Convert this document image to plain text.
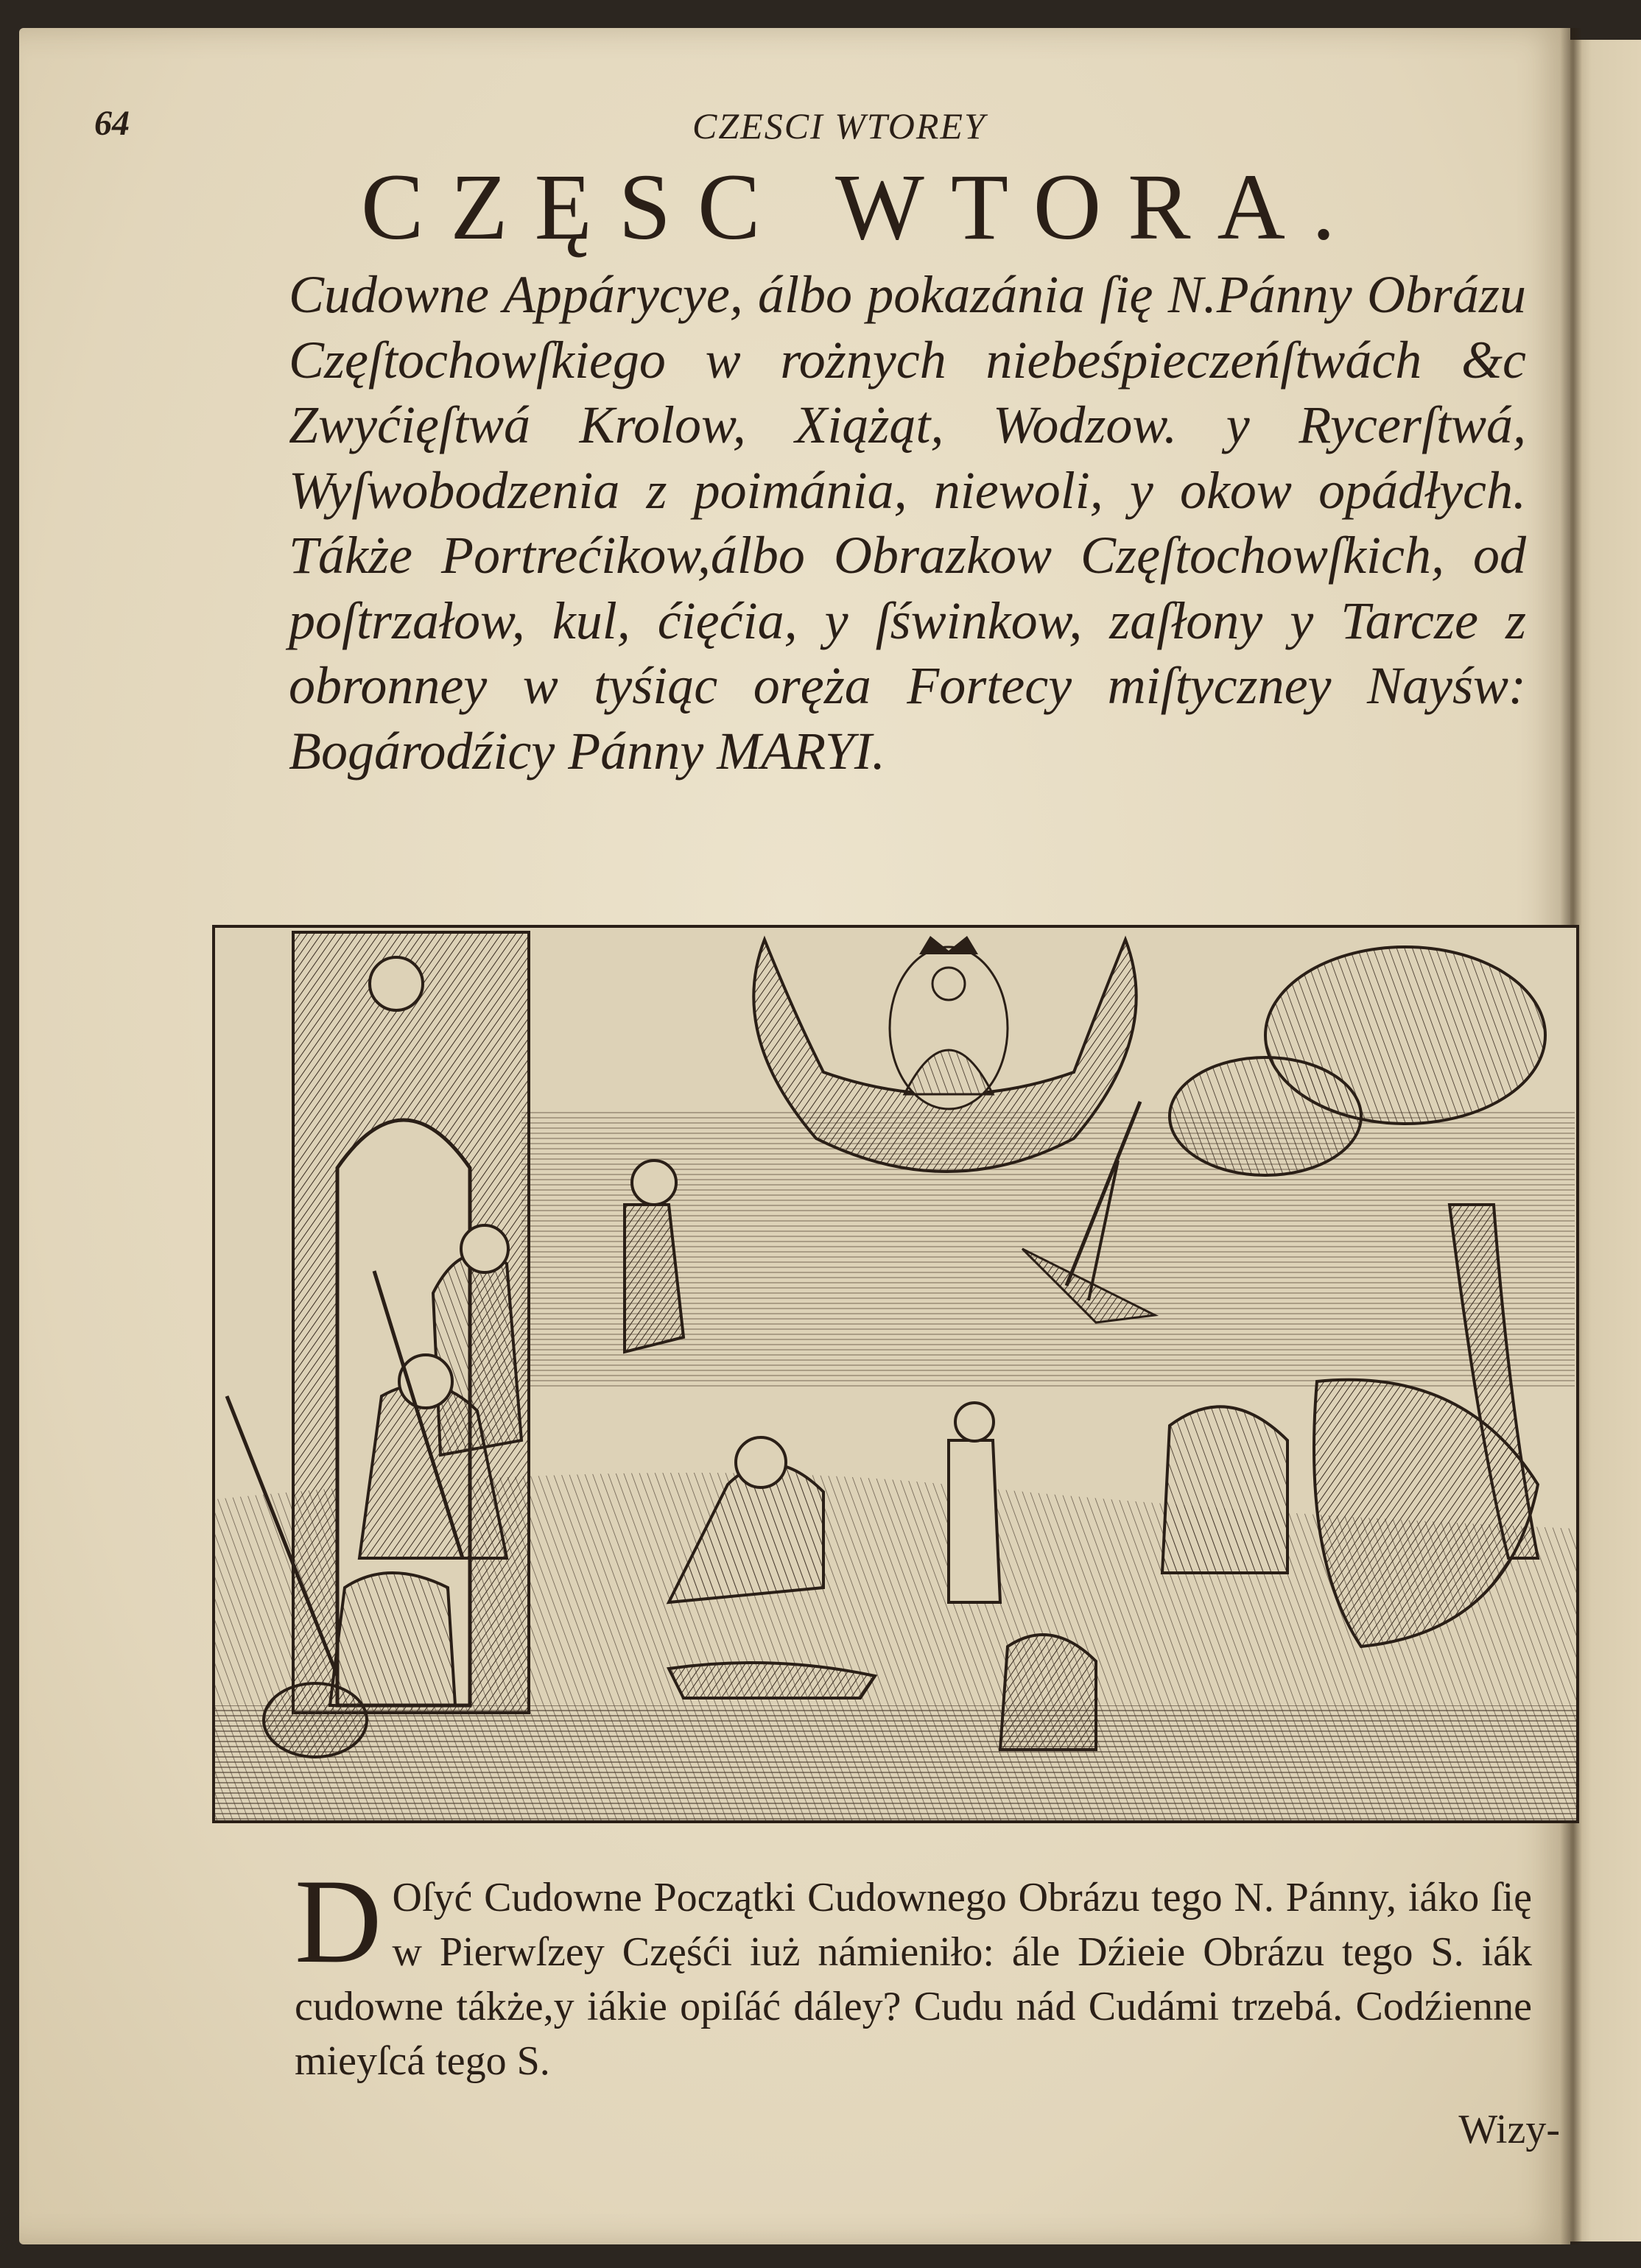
64	CZESCI WTOREY
CZĘSC WTORA.
Cudowne Appárycye, álbo pokazánia ſię N.Pánny Obrázu Częſtochowſkiego w rożnych niebeśpieczeńſtwách &c Zwyćięſtwá Krolow, Xiążąt, Wodzow. y Rycerſtwá, Wyſwobodzenia z poimánia, niewoli, y okow opádłych. Tákże Portrećikow,álbo Obrazkow Częſtochowſkich, od poſtrzałow, kul, ćięćia, y ſświnkow, zaſłony y Tarcze z obronney w tyśiąc oręża Fortecy miſtyczney Nayśw: Bogárodźicy Pánny MARYI.
D Oſyć Cudowne Początki Cudownego Obrázu tego N. Pánny, iáko ſię w Pierwſzey Częśći iuż námieniło: ále Dźieie Obrázu tego S. iák cudowne tákże,y iákie opiſáć dáley? Cudu nád Cudámi trzebá. Codźienne mieyſcá tego S.
Wizy-
